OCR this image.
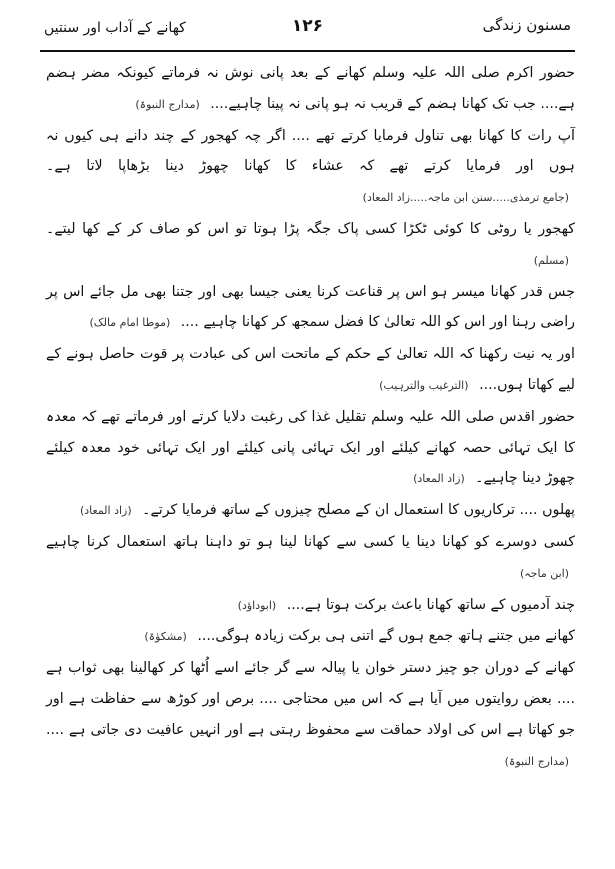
کھانے کے آداب اور سنتیں	۱۲۶	مسنون زندگی

حضور اکرم صلی اللہ علیہ وسلم کھانے کے بعد پانی نوش نہ فرماتے کیونکہ مضر ہضم ہے.... جب تک کھانا ہضم کے قریب نہ ہو پانی نہ پینا چاہیے.... (مدارج النبوۃ)

آپ رات کا کھانا بھی تناول فرمایا کرتے تھے .... اگر چہ کھجور کے چند دانے ہی کیوں نہ ہوں اور فرمایا کرتے تھے کہ عشاء کا کھانا چھوڑ دینا بڑھاپا لاتا ہے۔ (جامع ترمذی.....سنن ابن ماجہ.....زاد المعاد)

کھجور یا روٹی کا کوئی ٹکڑا کسی پاک جگہ پڑا ہوتا تو اس کو صاف کر کے کھا لیتے۔ (مسلم)

جس قدر کھانا میسر ہو اس پر قناعت کرنا یعنی جیسا بھی اور جتنا بھی مل جائے اس پر راضی رہنا اور اس کو اللہ تعالیٰ کا فضل سمجھ کر کھانا چاہیے .... (موطا امام مالک)

اور یہ نیت رکھنا کہ اللہ تعالیٰ کے حکم کے ماتحت اس کی عبادت پر قوت حاصل ہونے کے لیے کھاتا ہوں.... (الترغیب والترہیب)

حضور اقدس صلی اللہ علیہ وسلم تقلیل غذا کی رغبت دلایا کرتے اور فرماتے تھے کہ معدہ کا ایک تہائی حصہ کھانے کیلئے اور ایک تہائی پانی کیلئے اور ایک تہائی خود معدہ کیلئے چھوڑ دینا چاہیے۔ (زاد المعاد)

پھلوں .... ترکاریوں کا استعمال ان کے مصلح چیزوں کے ساتھ فرمایا کرتے۔ (زاد المعاد)

کسی دوسرے کو کھانا دینا یا کسی سے کھانا لینا ہو تو داہنا ہاتھ استعمال کرنا چاہیے (ابن ماجہ)

چند آدمیوں کے ساتھ کھانا باعث برکت ہوتا ہے.... (ابوداؤد)

کھانے میں جتنے ہاتھ جمع ہوں گے اتنی ہی برکت زیادہ ہوگی.... (مشکوٰۃ)

کھانے کے دوران جو چیز دستر خوان یا پیالہ سے گر جائے اسے اُٹھا کر کھالینا بھی ثواب ہے .... بعض روایتوں میں آیا ہے کہ اس میں محتاجی .... برص اور کوڑھ سے حفاظت ہے اور جو کھاتا ہے اس کی اولاد حماقت سے محفوظ رہتی ہے اور انہیں عافیت دی جاتی ہے .... (مدارج النبوۃ)
